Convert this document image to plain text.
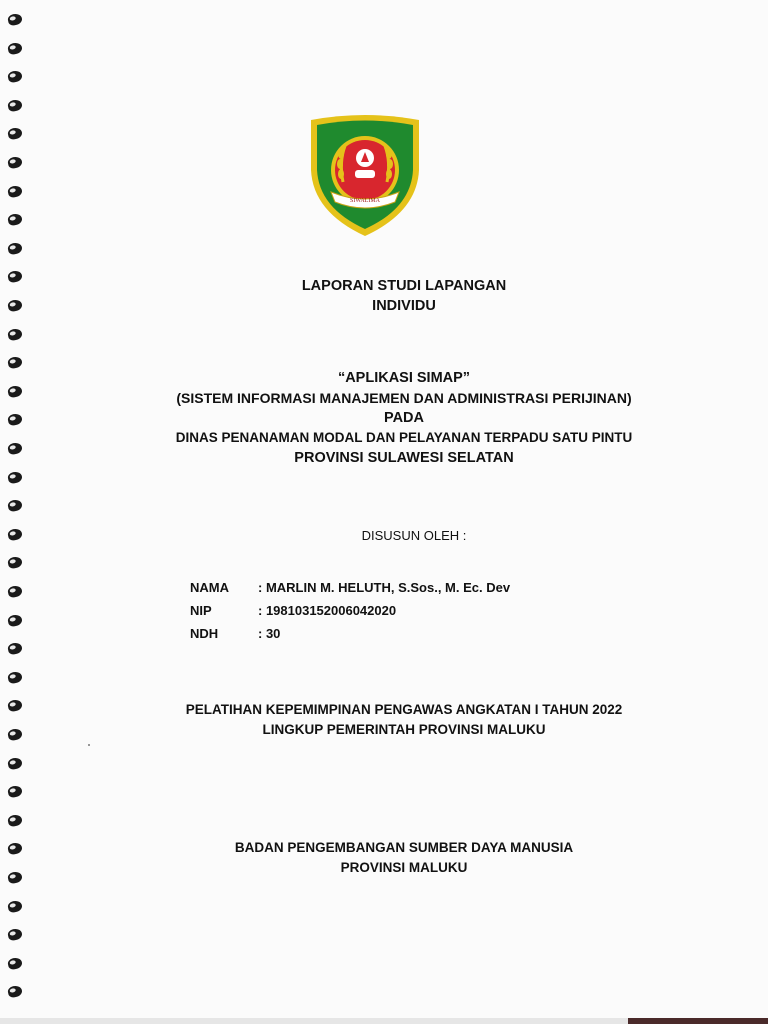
SIWALIMA
LAPORAN STUDI LAPANGAN
INDIVIDU
“APLIKASI SIMAP”
(SISTEM INFORMASI MANAJEMEN DAN ADMINISTRASI PERIJINAN)
PADA
DINAS PENANAMAN MODAL DAN PELAYANAN TERPADU SATU PINTU
PROVINSI SULAWESI SELATAN
DISUSUN OLEH :
NAMA	: MARLIN M. HELUTH, S.Sos., M. Ec. Dev
NIP	: 198103152006042020
NDH	: 30
PELATIHAN KEPEMIMPINAN PENGAWAS ANGKATAN I TAHUN 2022
LINGKUP PEMERINTAH PROVINSI MALUKU
BADAN PENGEMBANGAN SUMBER DAYA MANUSIA
PROVINSI MALUKU
